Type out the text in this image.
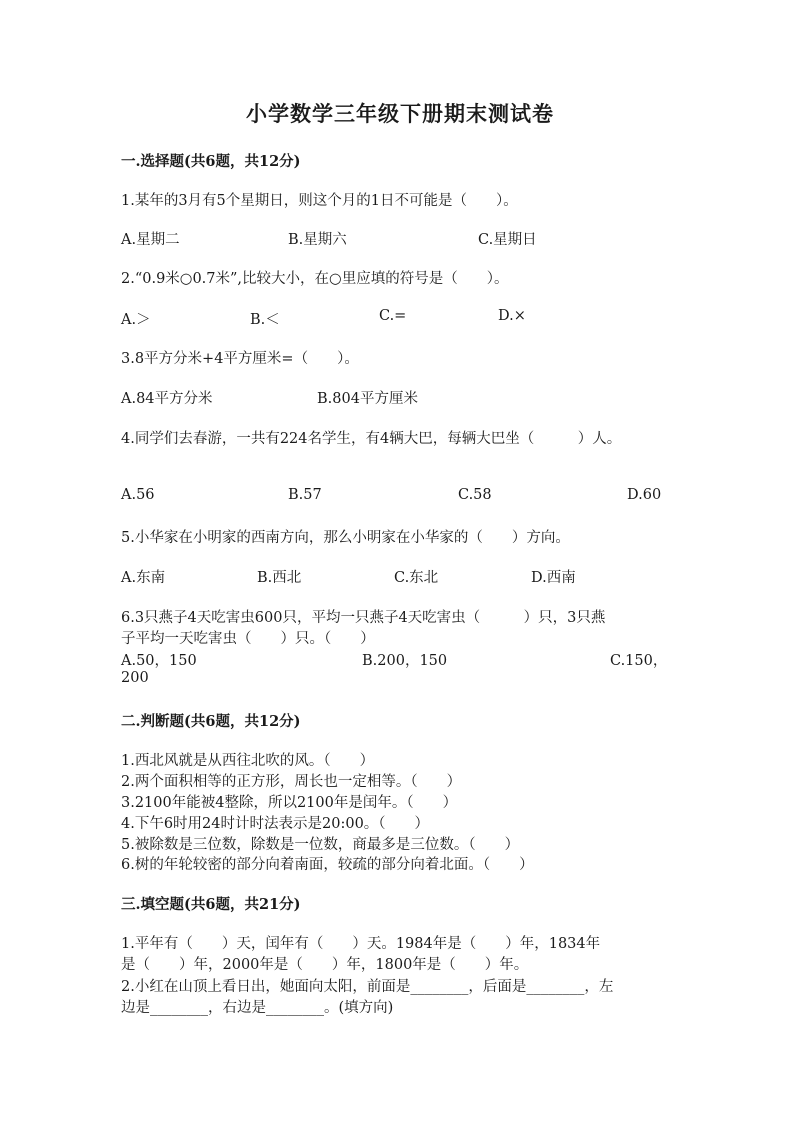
小学数学三年级下册期末测试卷
一.选择题(共6题，共12分)
1.某年的3月有5个星期日，则这个月的1日不可能是（　　）。
A.星期二	B.星期六	C.星期日
2.“0.9米○0.7米”,比较大小，在○里应填的符号是（　　）。
A.＞	B.＜	C.=	D.×
3.8平方分米+4平方厘米=（　　）。
A.84平方分米	B.804平方厘米
4.同学们去春游，一共有224名学生，有4辆大巴，每辆大巴坐（　　　）人。
A.56	B.57	C.58	D.60
5.小华家在小明家的西南方向，那么小明家在小华家的（　　）方向。
A.东南	B.西北	C.东北	D.西南
6.3只燕子4天吃害虫600只，平均一只燕子4天吃害虫（　　　）只，3只燕
子平均一天吃害虫（　　）只。（　　）
A.50，150	B.200，150	C.150，
200
二.判断题(共6题，共12分)
1.西北风就是从西往北吹的风。（　　）
2.两个面积相等的正方形，周长也一定相等。（　　）
3.2100年能被4整除，所以2100年是闰年。（　　）
4.下午6时用24时计时法表示是20:00。（　　）
5.被除数是三位数，除数是一位数，商最多是三位数。（　　）
6.树的年轮较密的部分向着南面，较疏的部分向着北面。（　　）
三.填空题(共6题，共21分)
1.平年有（　　）天，闰年有（　　）天。1984年是（　　）年，1834年
是（　　）年，2000年是（　　）年，1800年是（　　）年。
2.小红在山顶上看日出，她面向太阳，前面是________，后面是________，左
边是________，右边是________。(填方向)
